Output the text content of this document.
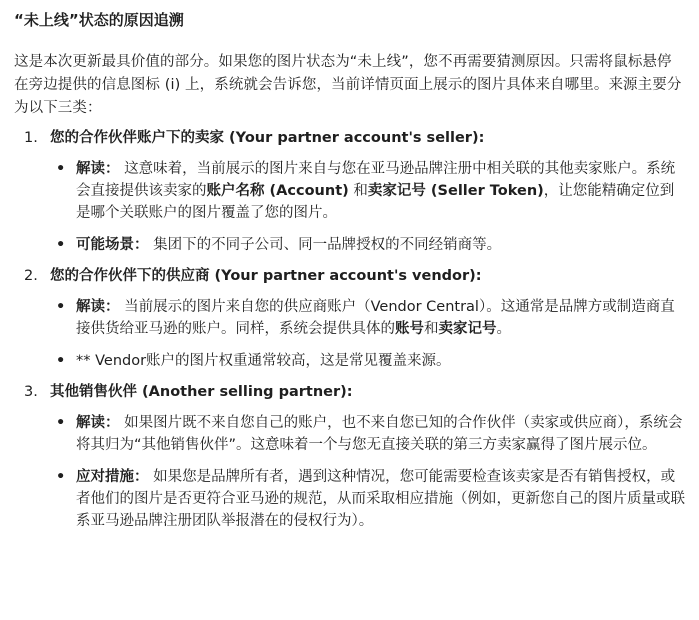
“未上线”状态的原因追溯

这是本次更新最具价值的部分。如果您的图片状态为“未上线”，您不再需要猜测原因。只需将鼠标悬停在旁边提供的信息图标 (i) 上，系统就会告诉您，当前详情页面上展示的图片具体来自哪里。来源主要分为以下三类：

1. 您的合作伙伴账户下的卖家 (Your partner account's seller):
• 解读： 这意味着，当前展示的图片来自与您在亚马逊品牌注册中相关联的其他卖家账户。系统会直接提供该卖家的账户名称 (Account) 和卖家记号 (Seller Token)，让您能精确定位到是哪个关联账户的图片覆盖了您的图片。
• 可能场景： 集团下的不同子公司、同一品牌授权的不同经销商等。
2. 您的合作伙伴下的供应商 (Your partner account's vendor):
• 解读： 当前展示的图片来自您的供应商账户（Vendor Central）。这通常是品牌方或制造商直接供货给亚马逊的账户。同样，系统会提供具体的账号和卖家记号。
• ** Vendor账户的图片权重通常较高，这是常见覆盖来源。
3. 其他销售伙伴 (Another selling partner):
• 解读： 如果图片既不来自您自己的账户，也不来自您已知的合作伙伴（卖家或供应商），系统会将其归为“其他销售伙伴”。这意味着一个与您无直接关联的第三方卖家赢得了图片展示位。
• 应对措施： 如果您是品牌所有者，遇到这种情况，您可能需要检查该卖家是否有销售授权，或者他们的图片是否更符合亚马逊的规范，从而采取相应措施（例如，更新您自己的图片质量或联系亚马逊品牌注册团队举报潜在的侵权行为）。
